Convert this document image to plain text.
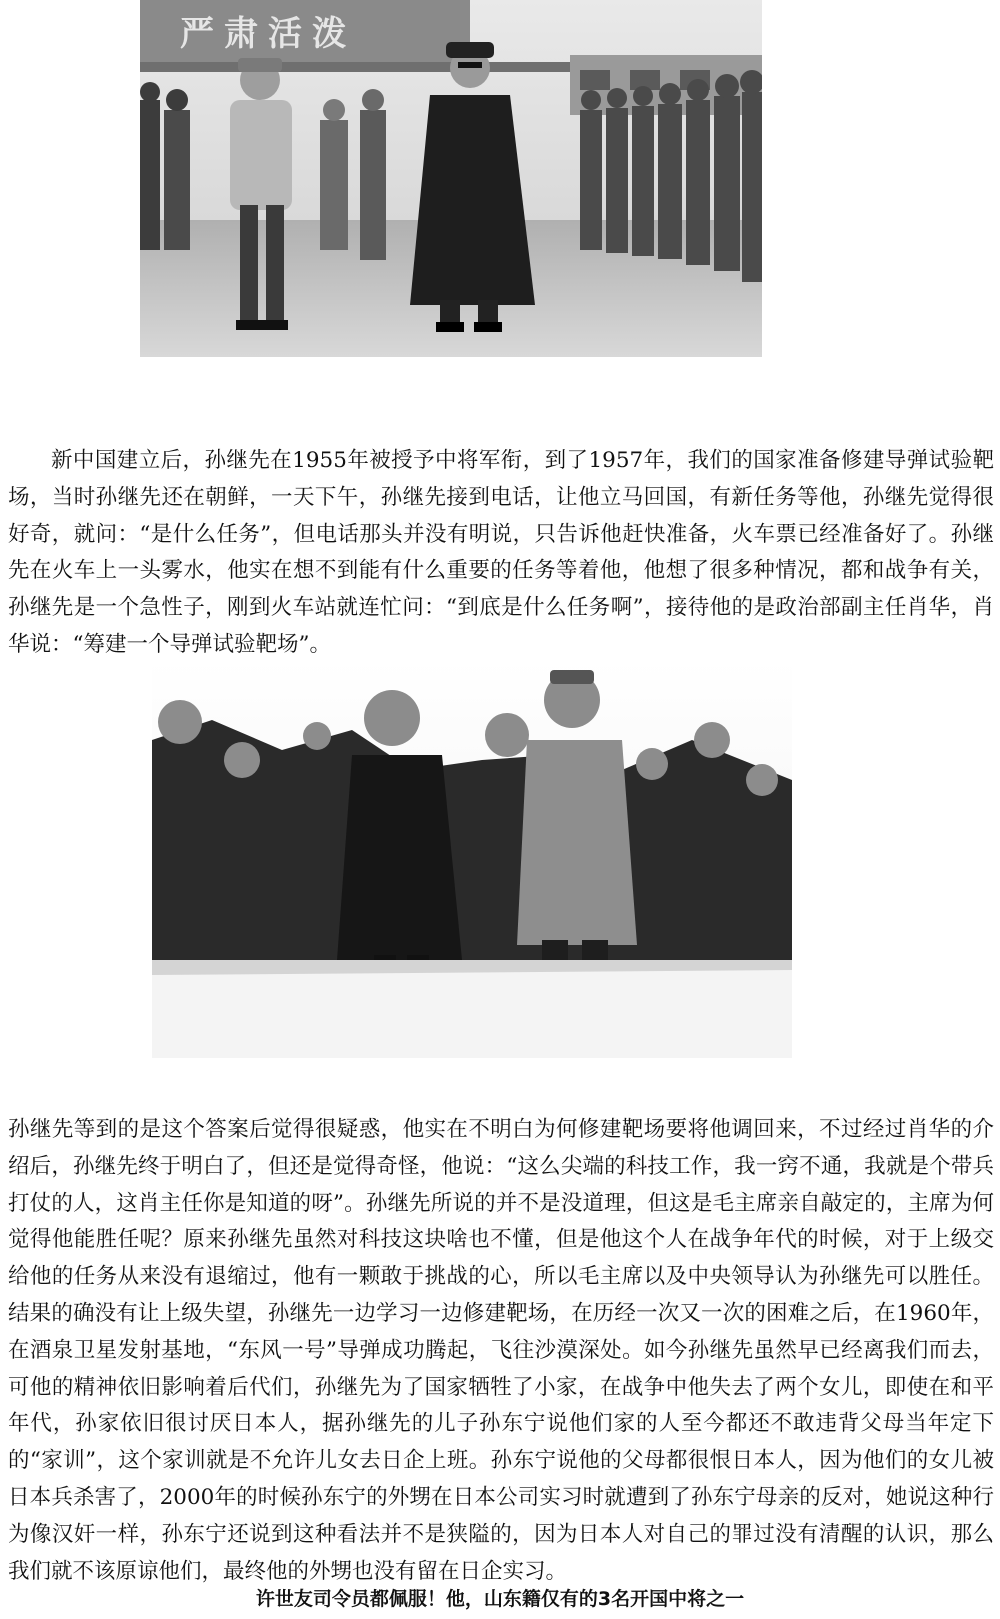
严肃活泼

新中国建立后，孙继先在1955年被授予中将军衔，到了1957年，我们的国家准备修建导弹试验靶场，当时孙继先还在朝鲜，一天下午，孙继先接到电话，让他立马回国，有新任务等他，孙继先觉得很好奇，就问：“是什么任务”，但电话那头并没有明说，只告诉他赶快准备，火车票已经准备好了。孙继先在火车上一头雾水，他实在想不到能有什么重要的任务等着他，他想了很多种情况，都和战争有关，孙继先是一个急性子，刚到火车站就连忙问：“到底是什么任务啊”，接待他的是政治部副主任肖华，肖华说：“筹建一个导弹试验靶场”。

孙继先等到的是这个答案后觉得很疑惑，他实在不明白为何修建靶场要将他调回来，不过经过肖华的介绍后，孙继先终于明白了，但还是觉得奇怪，他说：“这么尖端的科技工作，我一窍不通，我就是个带兵打仗的人，这肖主任你是知道的呀”。孙继先所说的并不是没道理，但这是毛主席亲自敲定的，主席为何觉得他能胜任呢？原来孙继先虽然对科技这块啥也不懂，但是他这个人在战争年代的时候，对于上级交给他的任务从来没有退缩过，他有一颗敢于挑战的心，所以毛主席以及中央领导认为孙继先可以胜任。结果的确没有让上级失望，孙继先一边学习一边修建靶场，在历经一次又一次的困难之后，在1960年，在酒泉卫星发射基地，“东风一号”导弹成功腾起，飞往沙漠深处。如今孙继先虽然早已经离我们而去，可他的精神依旧影响着后代们，孙继先为了国家牺牲了小家，在战争中他失去了两个女儿，即使在和平年代，孙家依旧很讨厌日本人，据孙继先的儿子孙东宁说他们家的人至今都还不敢违背父母当年定下的“家训”，这个家训就是不允许儿女去日企上班。孙东宁说他的父母都很恨日本人，因为他们的女儿被日本兵杀害了，2000年的时候孙东宁的外甥在日本公司实习时就遭到了孙东宁母亲的反对，她说这种行为像汉奸一样，孙东宁还说到这种看法并不是狭隘的，因为日本人对自己的罪过没有清醒的认识，那么我们就不该原谅他们，最终他的外甥也没有留在日企实习。

许世友司令员都佩服！他，山东籍仅有的3名开国中将之一
